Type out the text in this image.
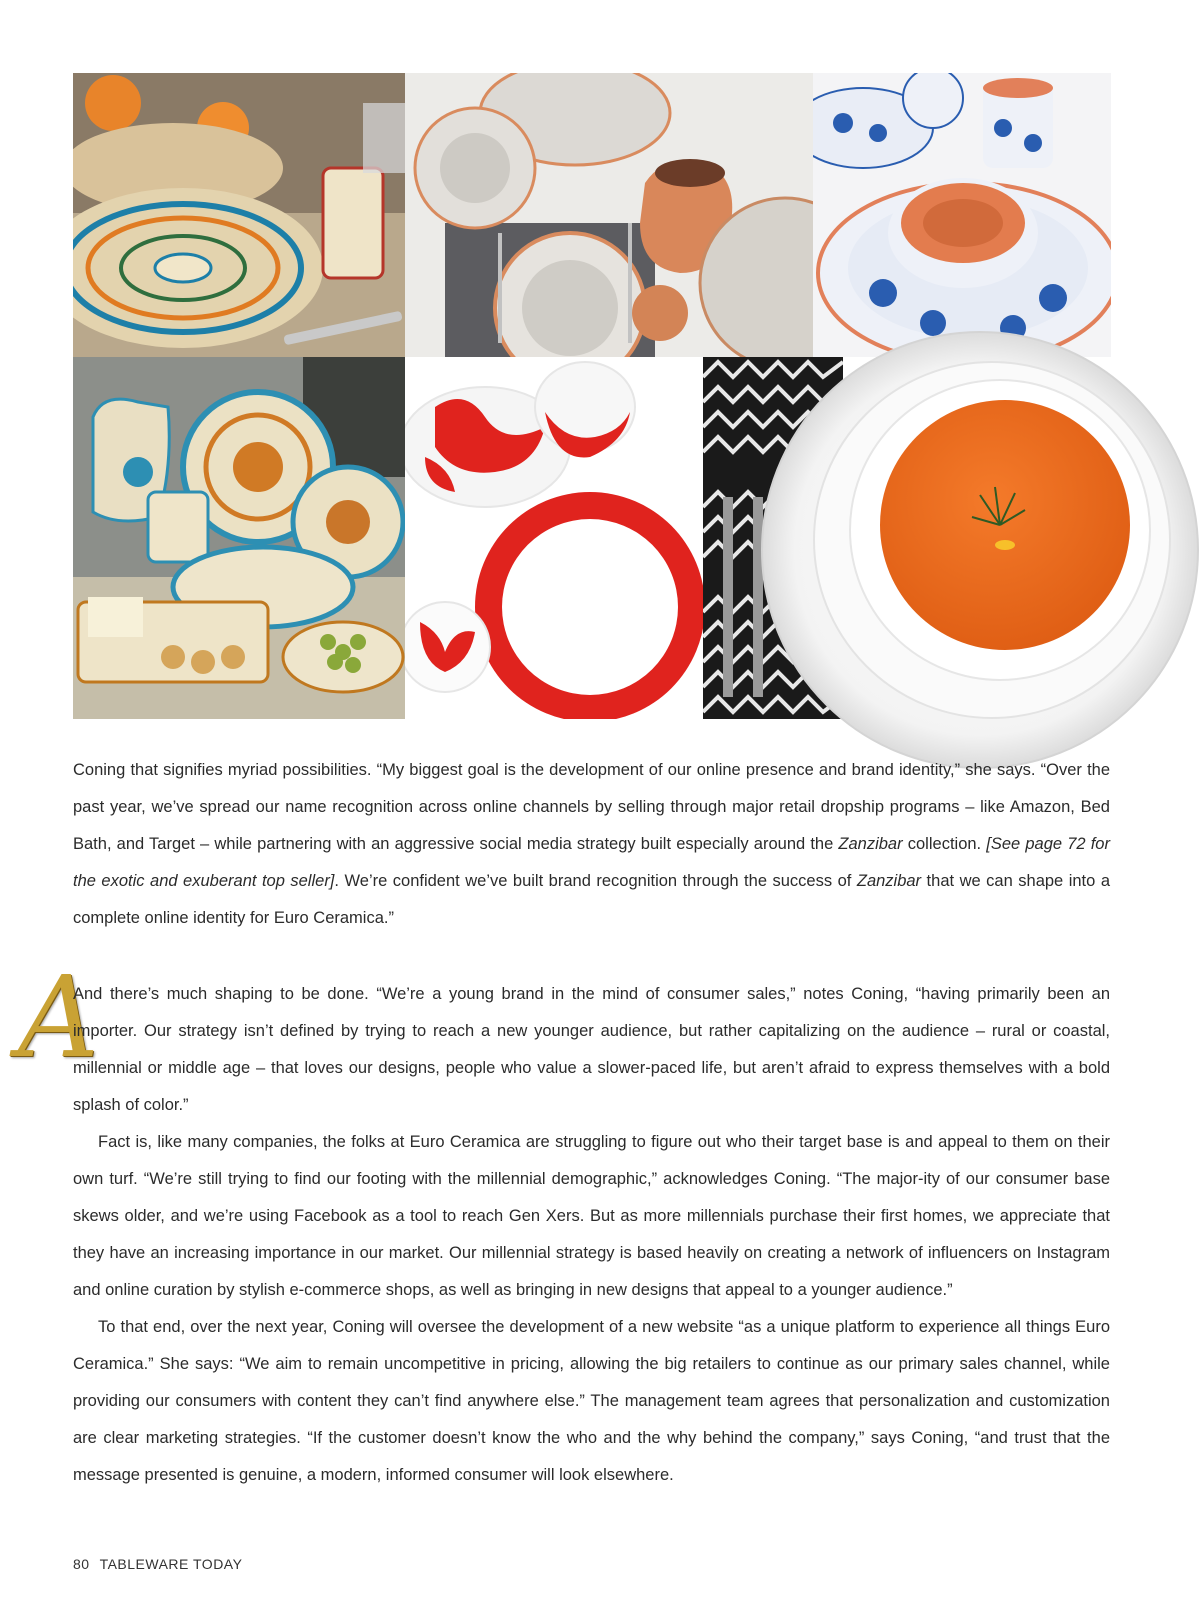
Coning that signifies myriad possibilities. “My biggest goal is the development of our online presence and brand identity,” she says. “Over the past year, we’ve spread our name recognition across online channels by selling through major retail dropship programs – like Amazon, Bed Bath, and Target – while partnering with an aggressive social media strategy built especially around the Zanzibar collection. [See page 72 for the exotic and exuberant top seller]. We’re confident we’ve built brand recognition through the success of Zanzibar that we can shape into a complete online identity for Euro Ceramica.”

A

And there’s much shaping to be done. “We’re a young brand in the mind of consumer sales,” notes Coning, “having primarily been an importer. Our strategy isn’t defined by trying to reach a new younger audience, but rather capitalizing on the audience – rural or coastal, millennial or middle age – that loves our designs, people who value a slower-paced life, but aren’t afraid to express themselves with a bold splash of color.”

Fact is, like many companies, the folks at Euro Ceramica are struggling to figure out who their target base is and appeal to them on their own turf. “We’re still trying to find our footing with the millennial demographic,” acknowledges Coning. “The major-ity of our consumer base skews older, and we’re using Facebook as a tool to reach Gen Xers. But as more millennials purchase their first homes, we appreciate that they have an increasing importance in our market. Our millennial strategy is based heavily on creating a network of influencers on Instagram and online curation by stylish e-commerce shops, as well as bringing in new designs that appeal to a younger audience.”

To that end, over the next year, Coning will oversee the development of a new website “as a unique platform to experience all things Euro Ceramica.” She says: “We aim to remain uncompetitive in pricing, allowing the big retailers to continue as our primary sales channel, while providing our consumers with content they can’t find anywhere else.” The management team agrees that personalization and customization are clear marketing strategies. “If the customer doesn’t know the who and the why behind the company,” says Coning, “and trust that the message presented is genuine, a modern, informed consumer will look elsewhere.

80 TABLEWARE TODAY
